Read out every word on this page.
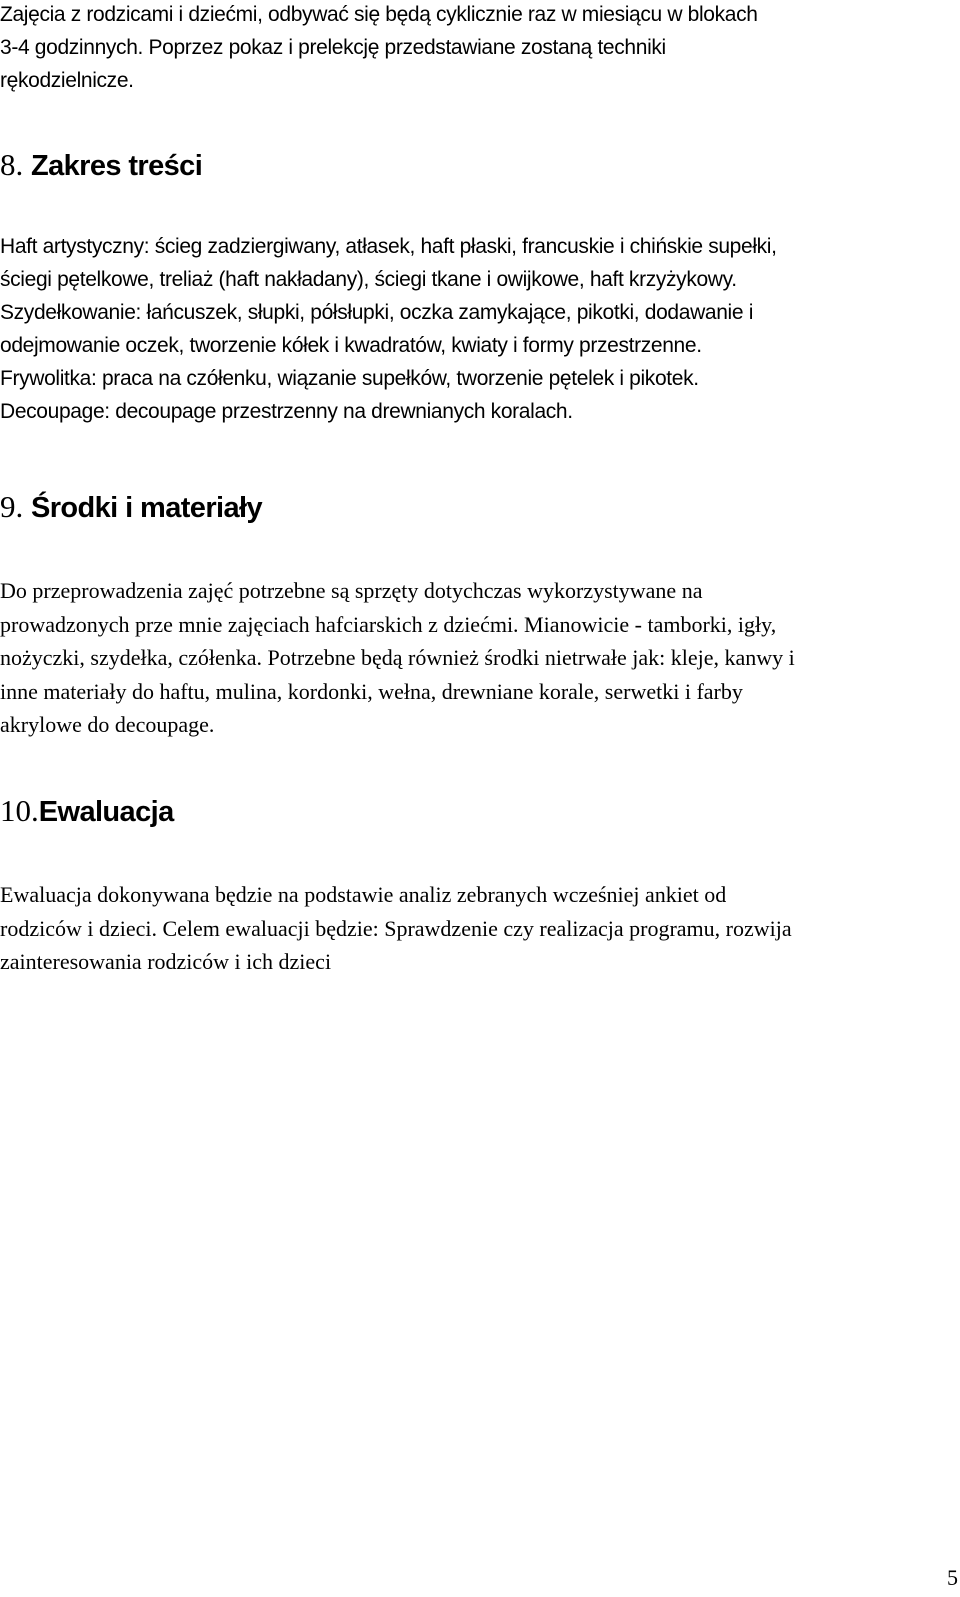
Zajęcia z rodzicami i dziećmi, odbywać się będą cyklicznie raz w miesiącu w blokach
3-4 godzinnych. Poprzez pokaz i prelekcję przedstawiane zostaną techniki
rękodzielnicze.

8. Zakres treści

Haft artystyczny: ścieg zadziergiwany, atłasek, haft płaski, francuskie i chińskie supełki,
ściegi pętelkowe, treliaż (haft nakładany), ściegi tkane i owijkowe, haft krzyżykowy.
Szydełkowanie: łańcuszek, słupki, półsłupki, oczka zamykające, pikotki, dodawanie i
odejmowanie oczek, tworzenie kółek i kwadratów, kwiaty i formy przestrzenne.
Frywolitka: praca na czółenku, wiązanie supełków, tworzenie pętelek i pikotek.
Decoupage: decoupage przestrzenny na drewnianych koralach.

9. Środki i materiały

Do przeprowadzenia zajęć potrzebne są sprzęty dotychczas wykorzystywane na
prowadzonych prze mnie zajęciach hafciarskich z dziećmi. Mianowicie - tamborki, igły,
nożyczki, szydełka, czółenka. Potrzebne będą również środki nietrwałe jak: kleje, kanwy i
inne materiały do haftu, mulina, kordonki, wełna, drewniane korale, serwetki i farby
akrylowe do decoupage.

10.Ewaluacja

Ewaluacja dokonywana będzie na podstawie analiz zebranych wcześniej ankiet od
rodziców i dzieci. Celem ewaluacji będzie: Sprawdzenie czy realizacja programu, rozwija
zainteresowania rodziców i ich dzieci

5
